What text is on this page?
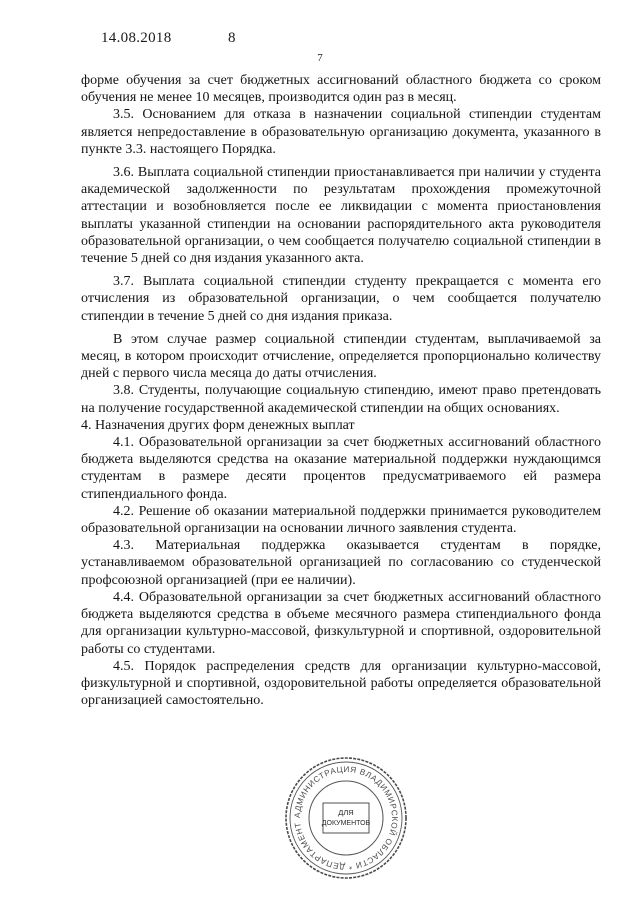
14.08.2018	8
7

форме обучения за счет бюджетных ассигнований областного бюджета со сроком обучения не менее 10 месяцев, производится один раз в месяц.

3.5. Основанием для отказа в назначении социальной стипендии студентам является непредоставление в образовательную организацию документа, указанного в пункте 3.3. настоящего Порядка.

3.6. Выплата социальной стипендии приостанавливается при наличии у студента академической задолженности по результатам прохождения промежуточной аттестации и возобновляется после ее ликвидации с момента приостановления выплаты указанной стипендии на основании распорядительного акта руководителя образовательной организации, о чем сообщается получателю социальной стипендии в течение 5 дней со дня издания указанного акта.

3.7. Выплата социальной стипендии студенту прекращается с момента его отчисления из образовательной организации, о чем сообщается получателю стипендии в течение 5 дней со дня издания приказа.

В этом случае размер социальной стипендии студентам, выплачиваемой за месяц, в котором происходит отчисление, определяется пропорционально количеству дней с первого числа месяца до даты отчисления.

3.8. Студенты, получающие социальную стипендию, имеют право претендовать на получение государственной академической стипендии на общих основаниях.

4. Назначения других форм денежных выплат

4.1. Образовательной организации за счет бюджетных ассигнований областного бюджета выделяются средства на оказание материальной поддержки нуждающимся студентам в размере десяти процентов предусматриваемого ей размера стипендиального фонда.

4.2. Решение об оказании материальной поддержки принимается руководителем образовательной организации на основании личного заявления студента.

4.3. Материальная поддержка оказывается студентам в порядке, устанавливаемом образовательной организацией по согласованию со студенческой профсоюзной организацией (при ее наличии).

4.4. Образовательной организации за счет бюджетных ассигнований областного бюджета выделяются средства в объеме месячного размера стипендиального фонда для организации культурно-массовой, физкультурной и спортивной, оздоровительной работы со студентами.

4.5. Порядок распределения средств для организации культурно-массовой, физкультурной и спортивной, оздоровительной работы определяется образовательной организацией самостоятельно.

АДМИНИСТРАЦИЯ ВЛАДИМИРСКОЙ ОБЛАСТИ * ДЕПАРТАМЕНТ
ДЛЯ
ДОКУМЕНТОВ
